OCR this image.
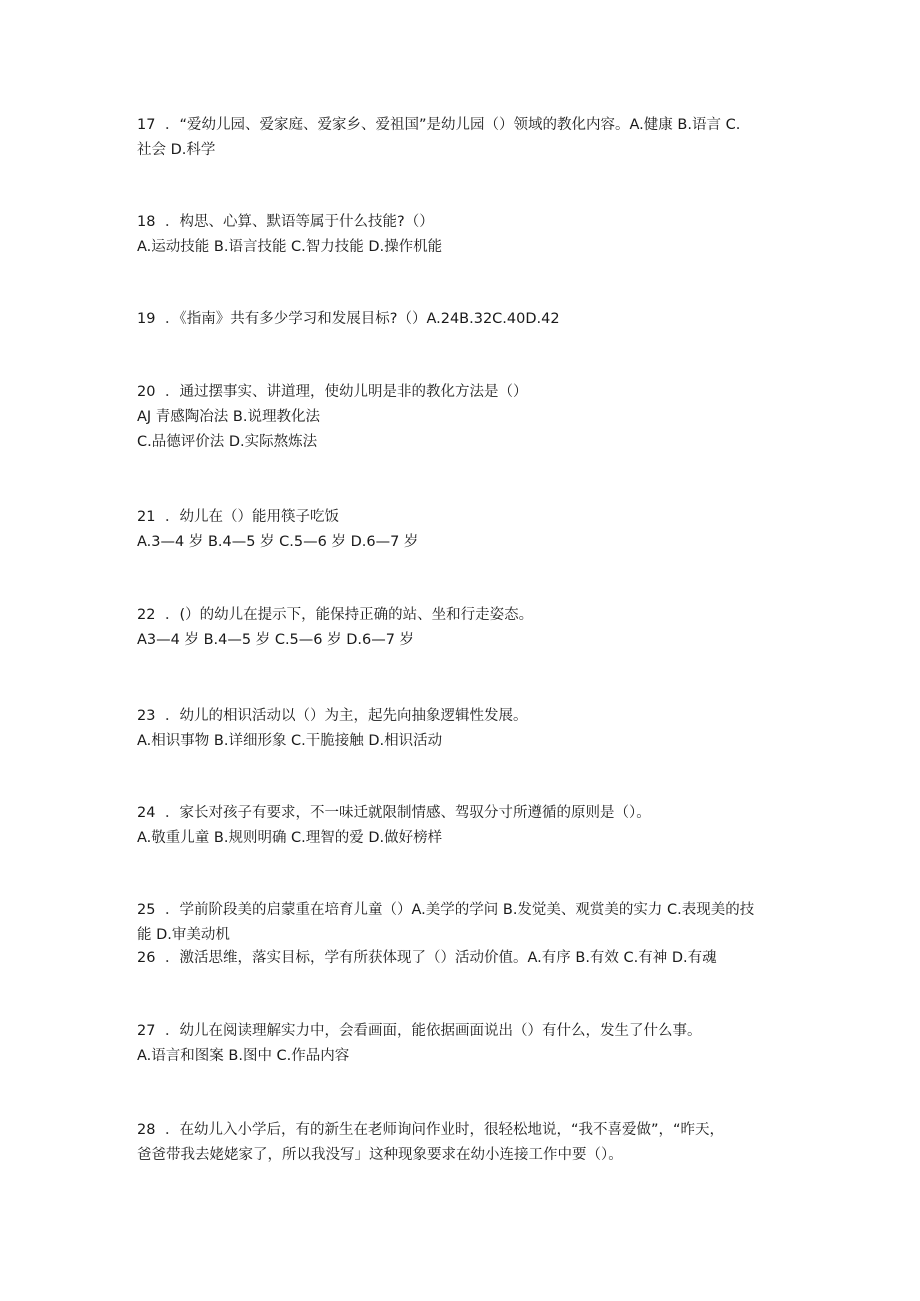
17 ．“爱幼儿园、爱家庭、爱家乡、爱祖国”是幼儿园（）领域的教化内容。A.健康 B.语言 C.
社会 D.科学
18 ．构思、心算、默语等属于什么技能?（）
A.运动技能 B.语言技能 C.智力技能 D.操作机能
19 ．《指南》共有多少学习和发展目标?（）A.24B.32C.40D.42
20 ．通过摆事实、讲道理，使幼儿明是非的教化方法是（）
AJ 青感陶冶法 B.说理教化法
C.品德评价法 D.实际熬炼法
21 ．幼儿在（）能用筷子吃饭
A.3—4 岁 B.4—5 岁 C.5—6 岁 D.6—7 岁
22 ．(）的幼儿在提示下，能保持正确的站、坐和行走姿态。
A3—4 岁 B.4—5 岁 C.5—6 岁 D.6—7 岁
23 ．幼儿的相识活动以（）为主，起先向抽象逻辑性发展。
A.相识事物 B.详细形象 C.干脆接触 D.相识活动
24 ．家长对孩子有要求，不一味迁就限制情感、驾驭分寸所遵循的原则是（）。
A.敬重儿童 B.规则明确 C.理智的爱 D.做好榜样
25 ．学前阶段美的启蒙重在培育儿童（）A.美学的学问 B.发觉美、观赏美的实力 C.表现美的技
能 D.审美动机
26 ．激活思维，落实目标，学有所获体现了（）活动价值。A.有序 B.有效 C.有神 D.有魂
27 ．幼儿在阅读理解实力中，会看画面，能依据画面说出（）有什么，发生了什么事。
A.语言和图案 B.图中 C.作品内容
28 ．在幼儿入小学后，有的新生在老师询问作业时，很轻松地说，“我不喜爱做”，“昨天，
爸爸带我去姥姥家了，所以我没写」这种现象要求在幼小连接工作中要（）。
